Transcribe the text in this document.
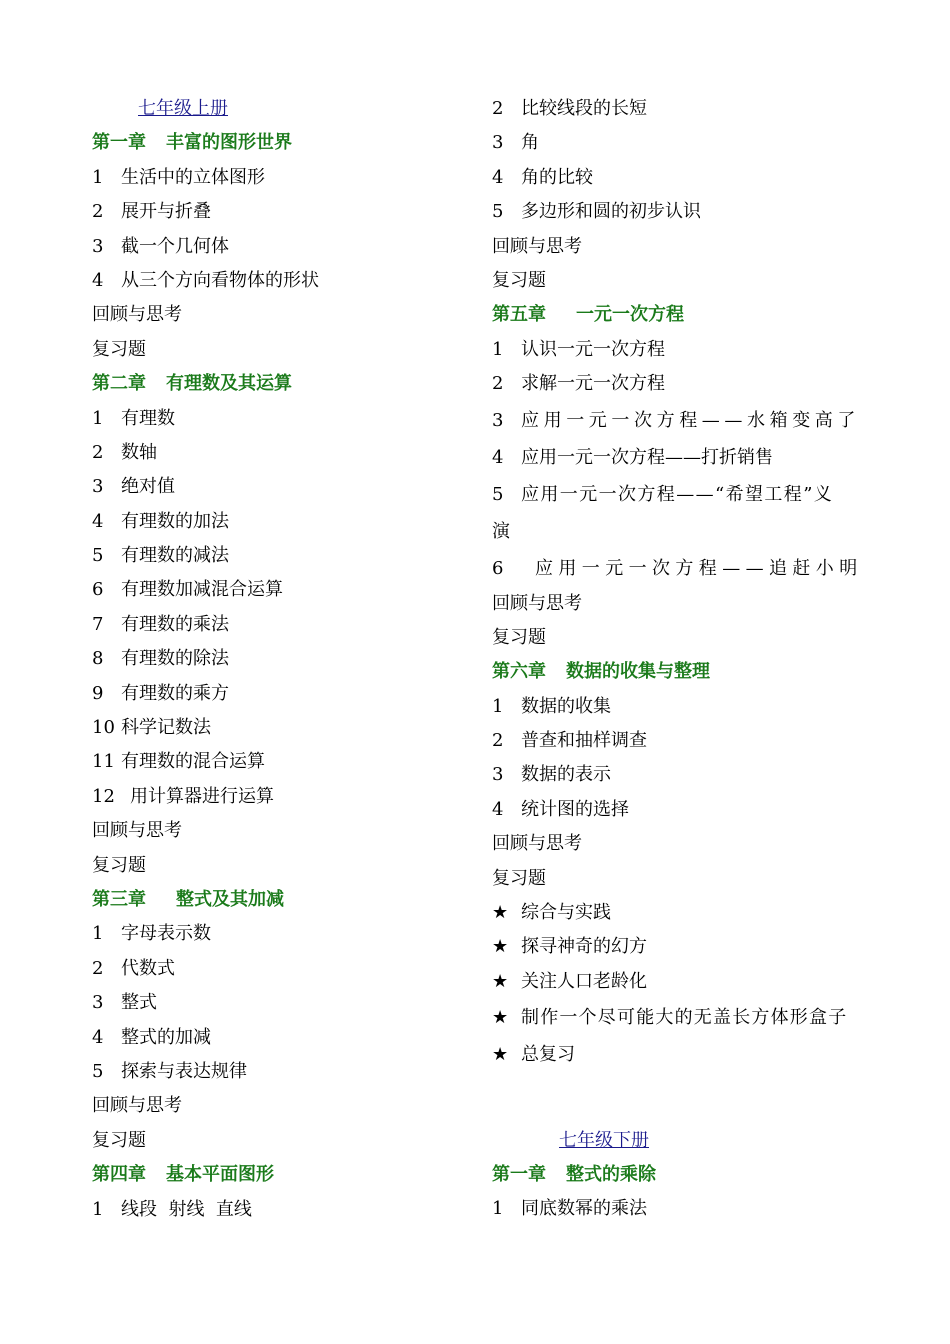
七年级上册
第一章 丰富的图形世界
1 生活中的立体图形
2 展开与折叠
3 截一个几何体
4 从三个方向看物体的形状
回顾与思考
复习题
第二章 有理数及其运算
1 有理数
2 数轴
3 绝对值
4 有理数的加法
5 有理数的减法
6 有理数加减混合运算
7 有理数的乘法
8 有理数的除法
9 有理数的乘方
10 科学记数法
11 有理数的混合运算
12 用计算器进行运算
回顾与思考
复习题
第三章 整式及其加减
1 字母表示数
2 代数式
3 整式
4 整式的加减
5 探索与表达规律
回顾与思考
复习题
第四章 基本平面图形
1 线段  射线  直线
2 比较线段的长短
3 角
4 角的比较
5 多边形和圆的初步认识
回顾与思考
复习题
第五章 一元一次方程
1 认识一元一次方程
2 求解一元一次方程
3 应用一元一次方程——水箱变高了
4 应用一元一次方程——打折销售
5 应用一元一次方程——“希望工程”义
演
6 应用一元一次方程——追赶小明
回顾与思考
复习题
第六章 数据的收集与整理
1 数据的收集
2 普查和抽样调查
3 数据的表示
4 统计图的选择
回顾与思考
复习题
★ 综合与实践
★ 探寻神奇的幻方
★ 关注人口老龄化
★ 制作一个尽可能大的无盖长方体形盒子
★ 总复习
七年级下册
第一章 整式的乘除
1 同底数幂的乘法
